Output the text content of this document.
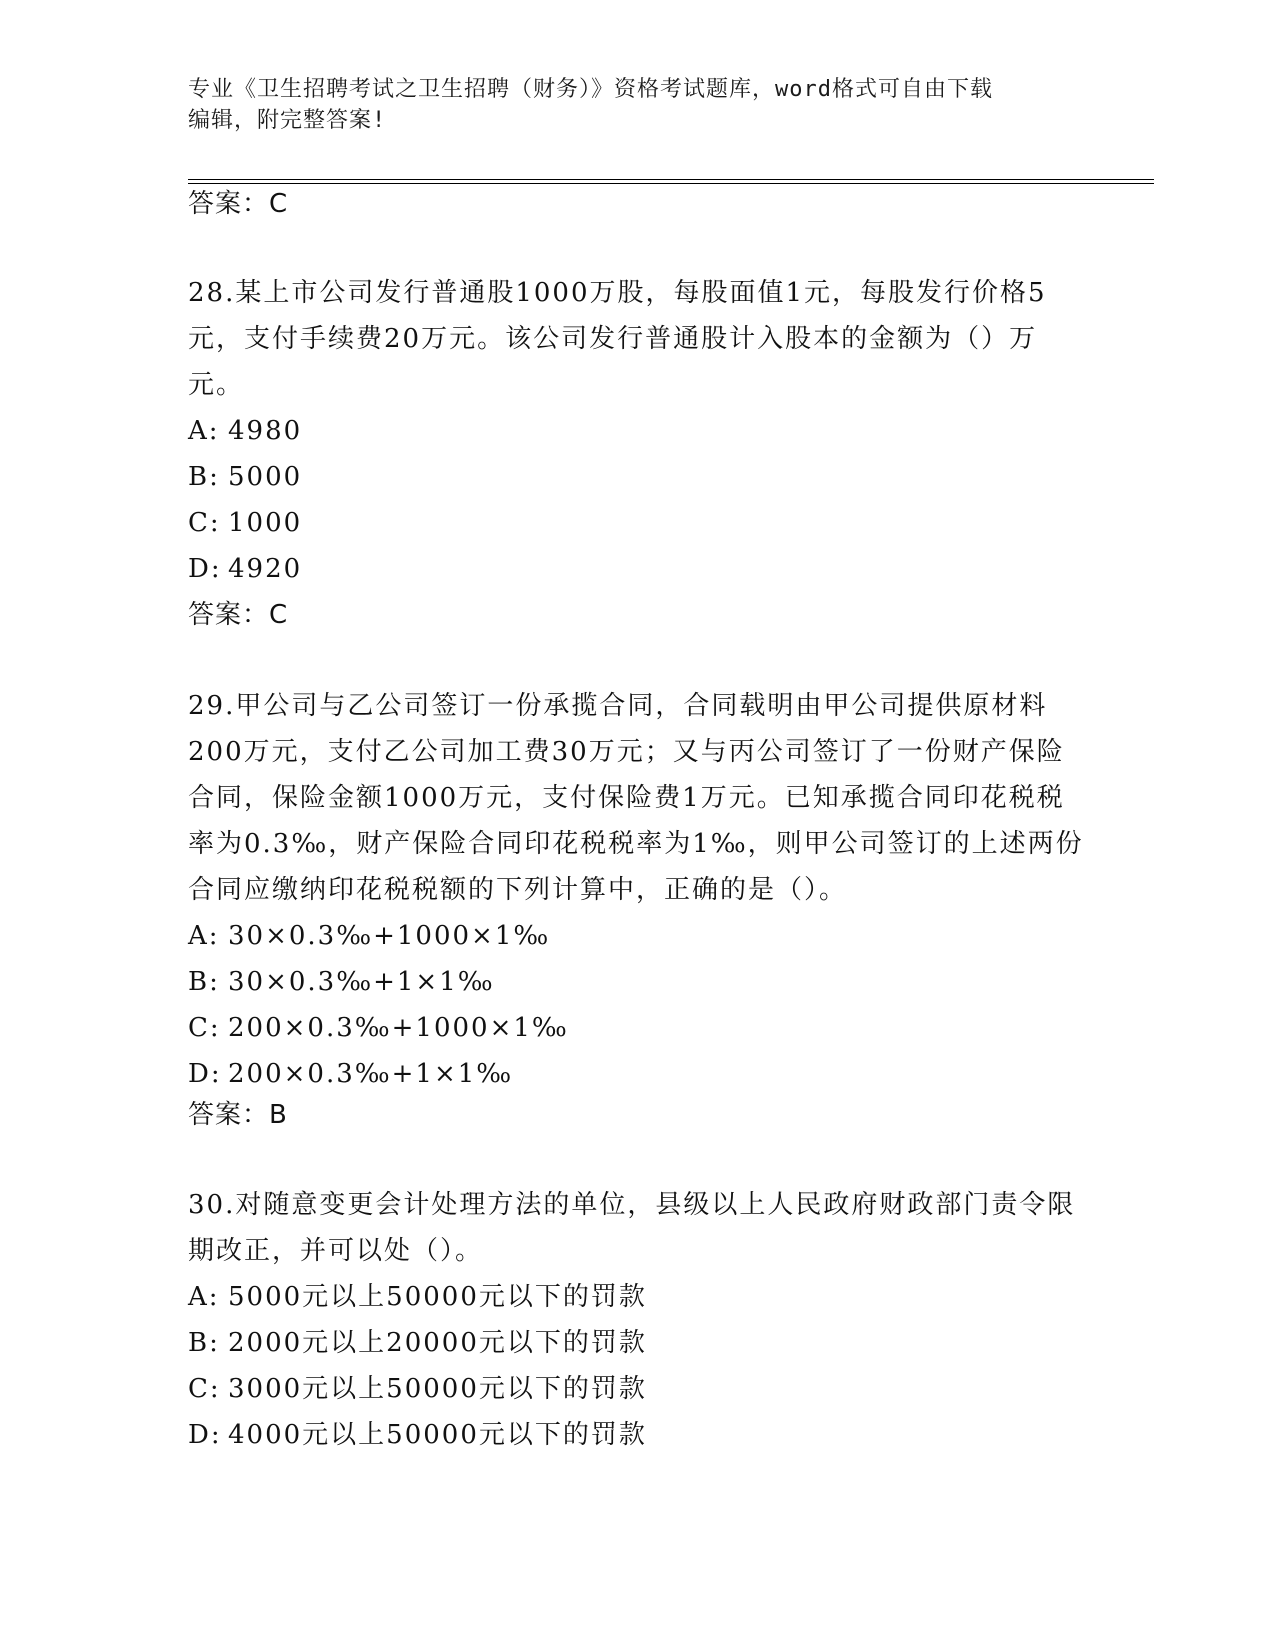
专业《卫生招聘考试之卫生招聘（财务）》资格考试题库，word格式可自由下载
编辑，附完整答案!
答案：C

28.某上市公司发行普通股1000万股，每股面值1元，每股发行价格5元，支付手续费20万元。该公司发行普通股计入股本的金额为（）万元。

A: 4980
B: 5000
C: 1000
D: 4920
答案：C

29.甲公司与乙公司签订一份承揽合同，合同载明由甲公司提供原材料200万元，支付乙公司加工费30万元；又与丙公司签订了一份财产保险合同，保险金额1000万元，支付保险费1万元。已知承揽合同印花税税率为0.3‰，财产保险合同印花税税率为1‰，则甲公司签订的上述两份合同应缴纳印花税税额的下列计算中，正确的是（）。

A: 30×0.3‰+1000×1‰
B: 30×0.3‰+1×1‰
C: 200×0.3‰+1000×1‰
D: 200×0.3‰+1×1‰
答案：B

30.对随意变更会计处理方法的单位，县级以上人民政府财政部门责令限期改正，并可以处（）。

A: 5000元以上50000元以下的罚款
B: 2000元以上20000元以下的罚款
C: 3000元以上50000元以下的罚款
D: 4000元以上50000元以下的罚款
